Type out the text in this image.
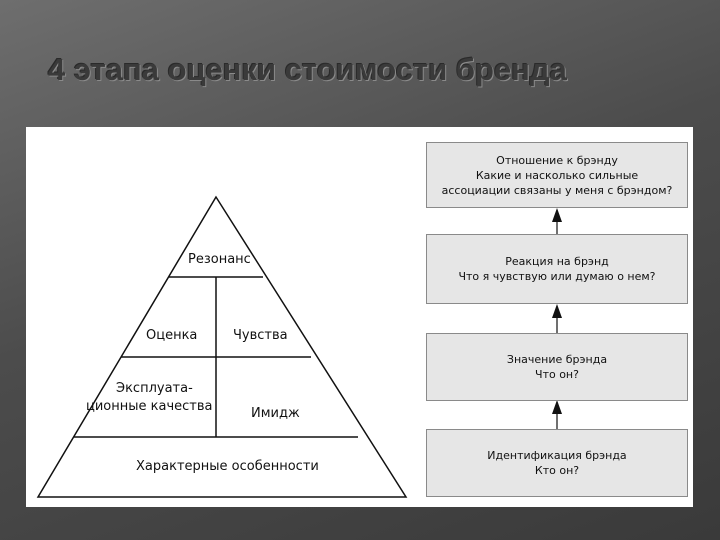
4 этапа оценки стоимости бренда
Резонанс
Оценка	Чувства
Эксплуата-
ционные качества	Имидж
Характерные особенности
Отношение к брэнду
Какие и насколько сильные
ассоциации связаны у меня с брэндом?
Реакция на брэнд
Что я чувствую или думаю о нем?
Значение брэнда
Что он?
Идентификация брэнда
Кто он?
